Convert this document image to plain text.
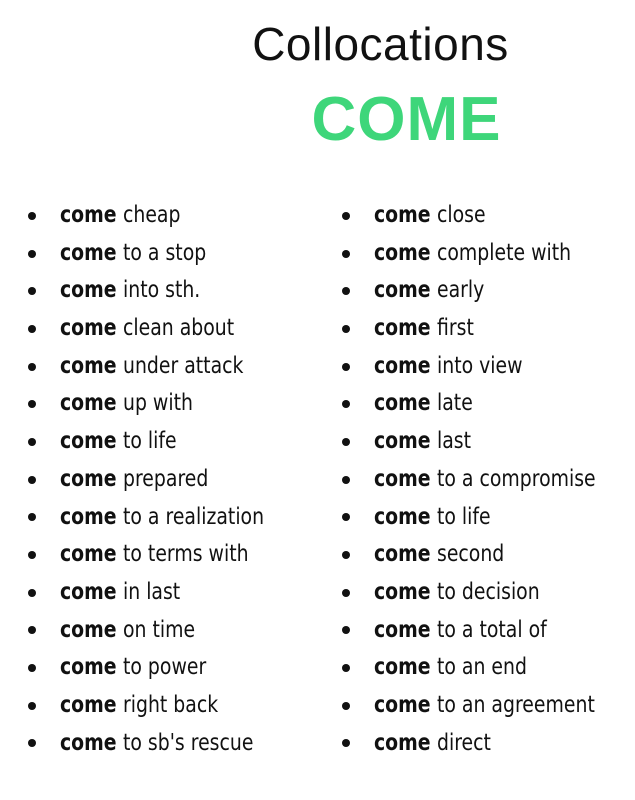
Collocations
COME
come cheap
come to a stop
come into sth.
come clean about
come under attack
come up with
come to life
come prepared
come to a realization
come to terms with
come in last
come on time
come to power
come right back
come to sb's rescue
come close
come complete with
come early
come first
come into view
come late
come last
come to a compromise
come to life
come second
come to decision
come to a total of
come to an end
come to an agreement
come direct
